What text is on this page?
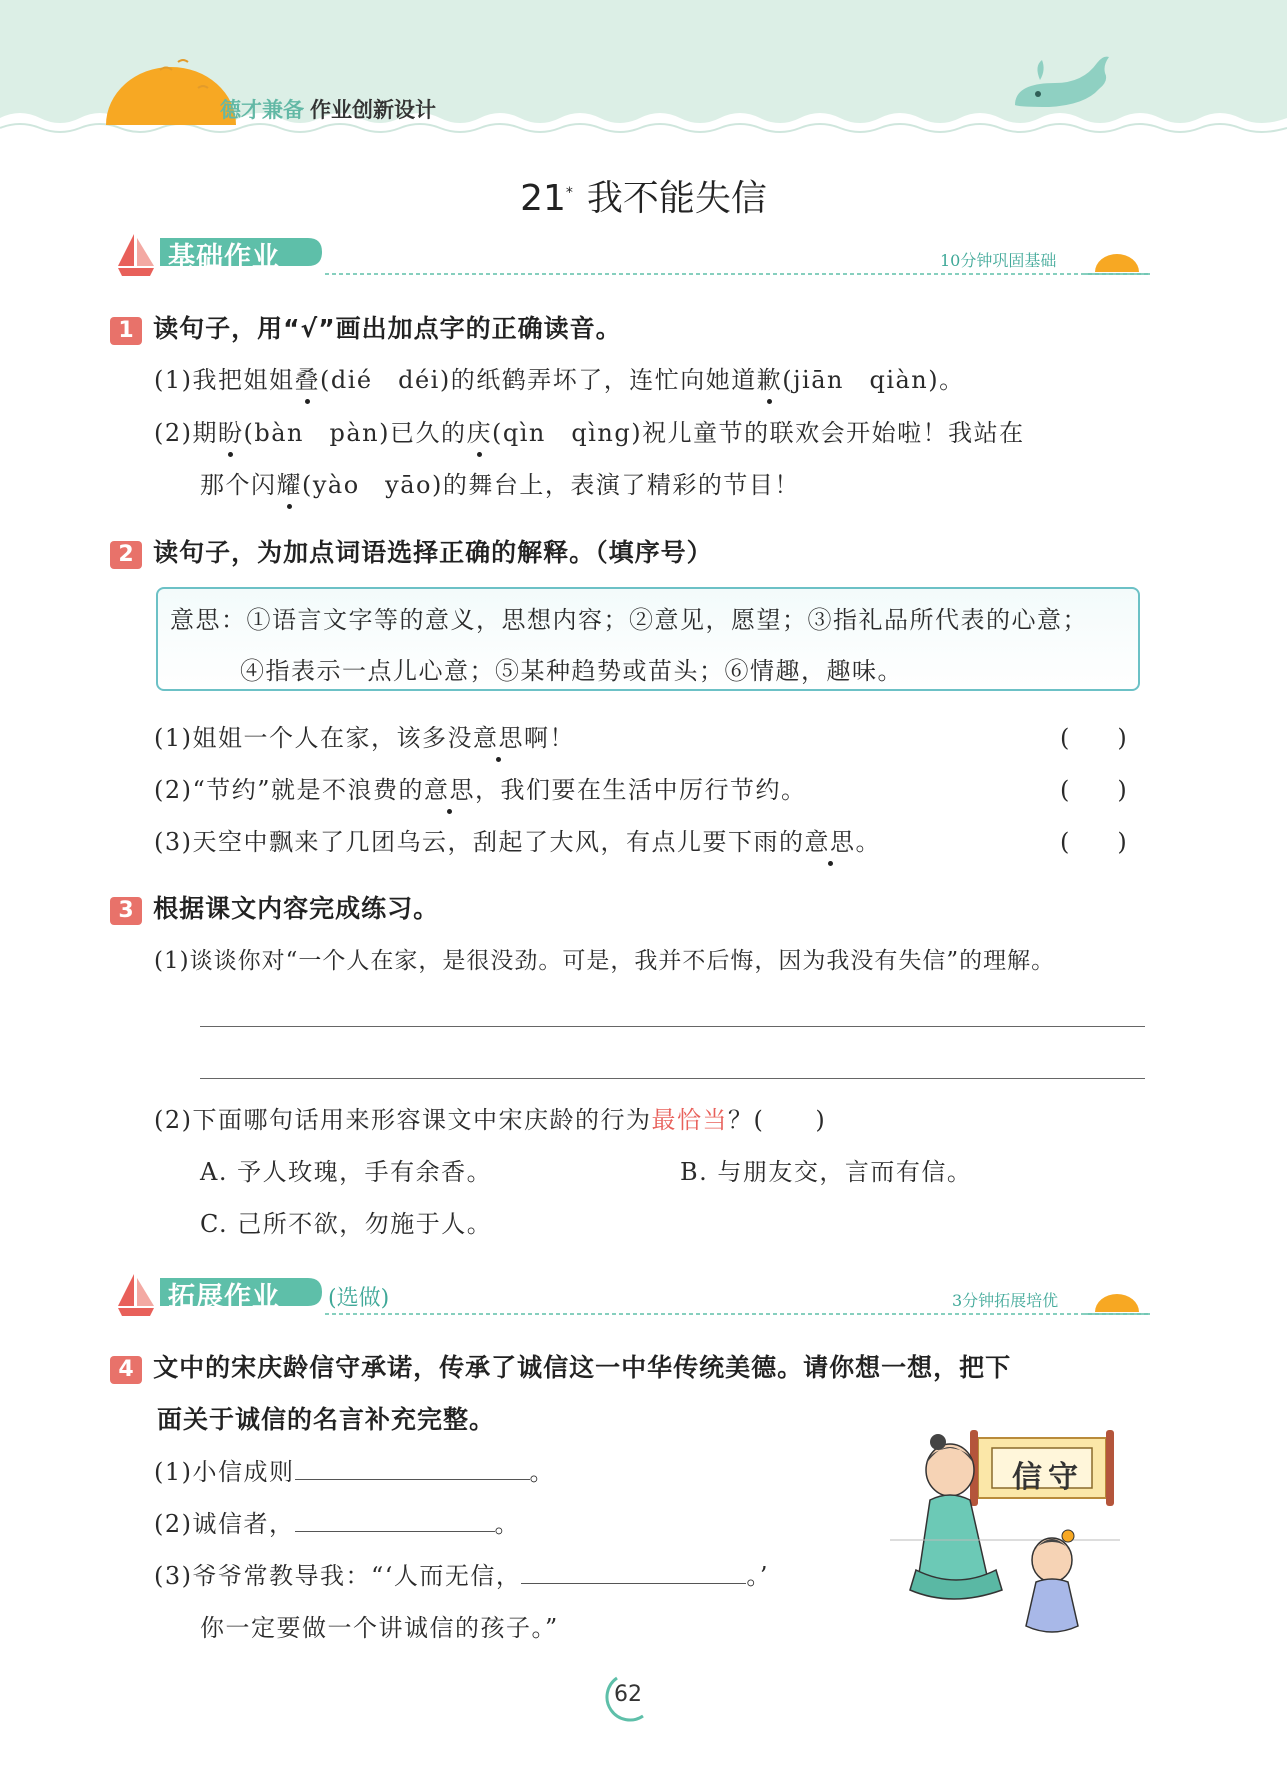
德才兼备 作业创新设计
21* 我不能失信
基础作业	10分钟巩固基础
1 读句子，用“√”画出加点字的正确读音。
(1)我把姐姐叠(dié　déi)的纸鹤弄坏了，连忙向她道歉(jiān　qiàn)。
(2)期盼(bàn　pàn)已久的庆(qìn　qìng)祝儿童节的联欢会开始啦！我站在
那个闪耀(yào　yāo)的舞台上，表演了精彩的节目！
2 读句子，为加点词语选择正确的解释。（填序号）
意思：①语言文字等的意义，思想内容；②意见，愿望；③指礼品所代表的心意；
④指表示一点儿心意；⑤某种趋势或苗头；⑥情趣，趣味。
(1)姐姐一个人在家，该多没意思啊！	(　　)
(2)“节约”就是不浪费的意思，我们要在生活中厉行节约。	(　　)
(3)天空中飘来了几团乌云，刮起了大风，有点儿要下雨的意思。	(　　)
3 根据课文内容完成练习。
(1)谈谈你对“一个人在家，是很没劲。可是，我并不后悔，因为我没有失信”的理解。
(2)下面哪句话用来形容课文中宋庆龄的行为最恰当？(　　)
A. 予人玫瑰，手有余香。	B. 与朋友交，言而有信。
C. 己所不欲，勿施于人。
拓展作业 (选做)	3分钟拓展培优
4 文中的宋庆龄信守承诺，传承了诚信这一中华传统美德。请你想一想，把下
面关于诚信的名言补充完整。
(1)小信成则	。
(2)诚信者，	。
(3)爷爷常教导我：“‘人而无信，	。’
你一定要做一个讲诚信的孩子。”
信守
62
